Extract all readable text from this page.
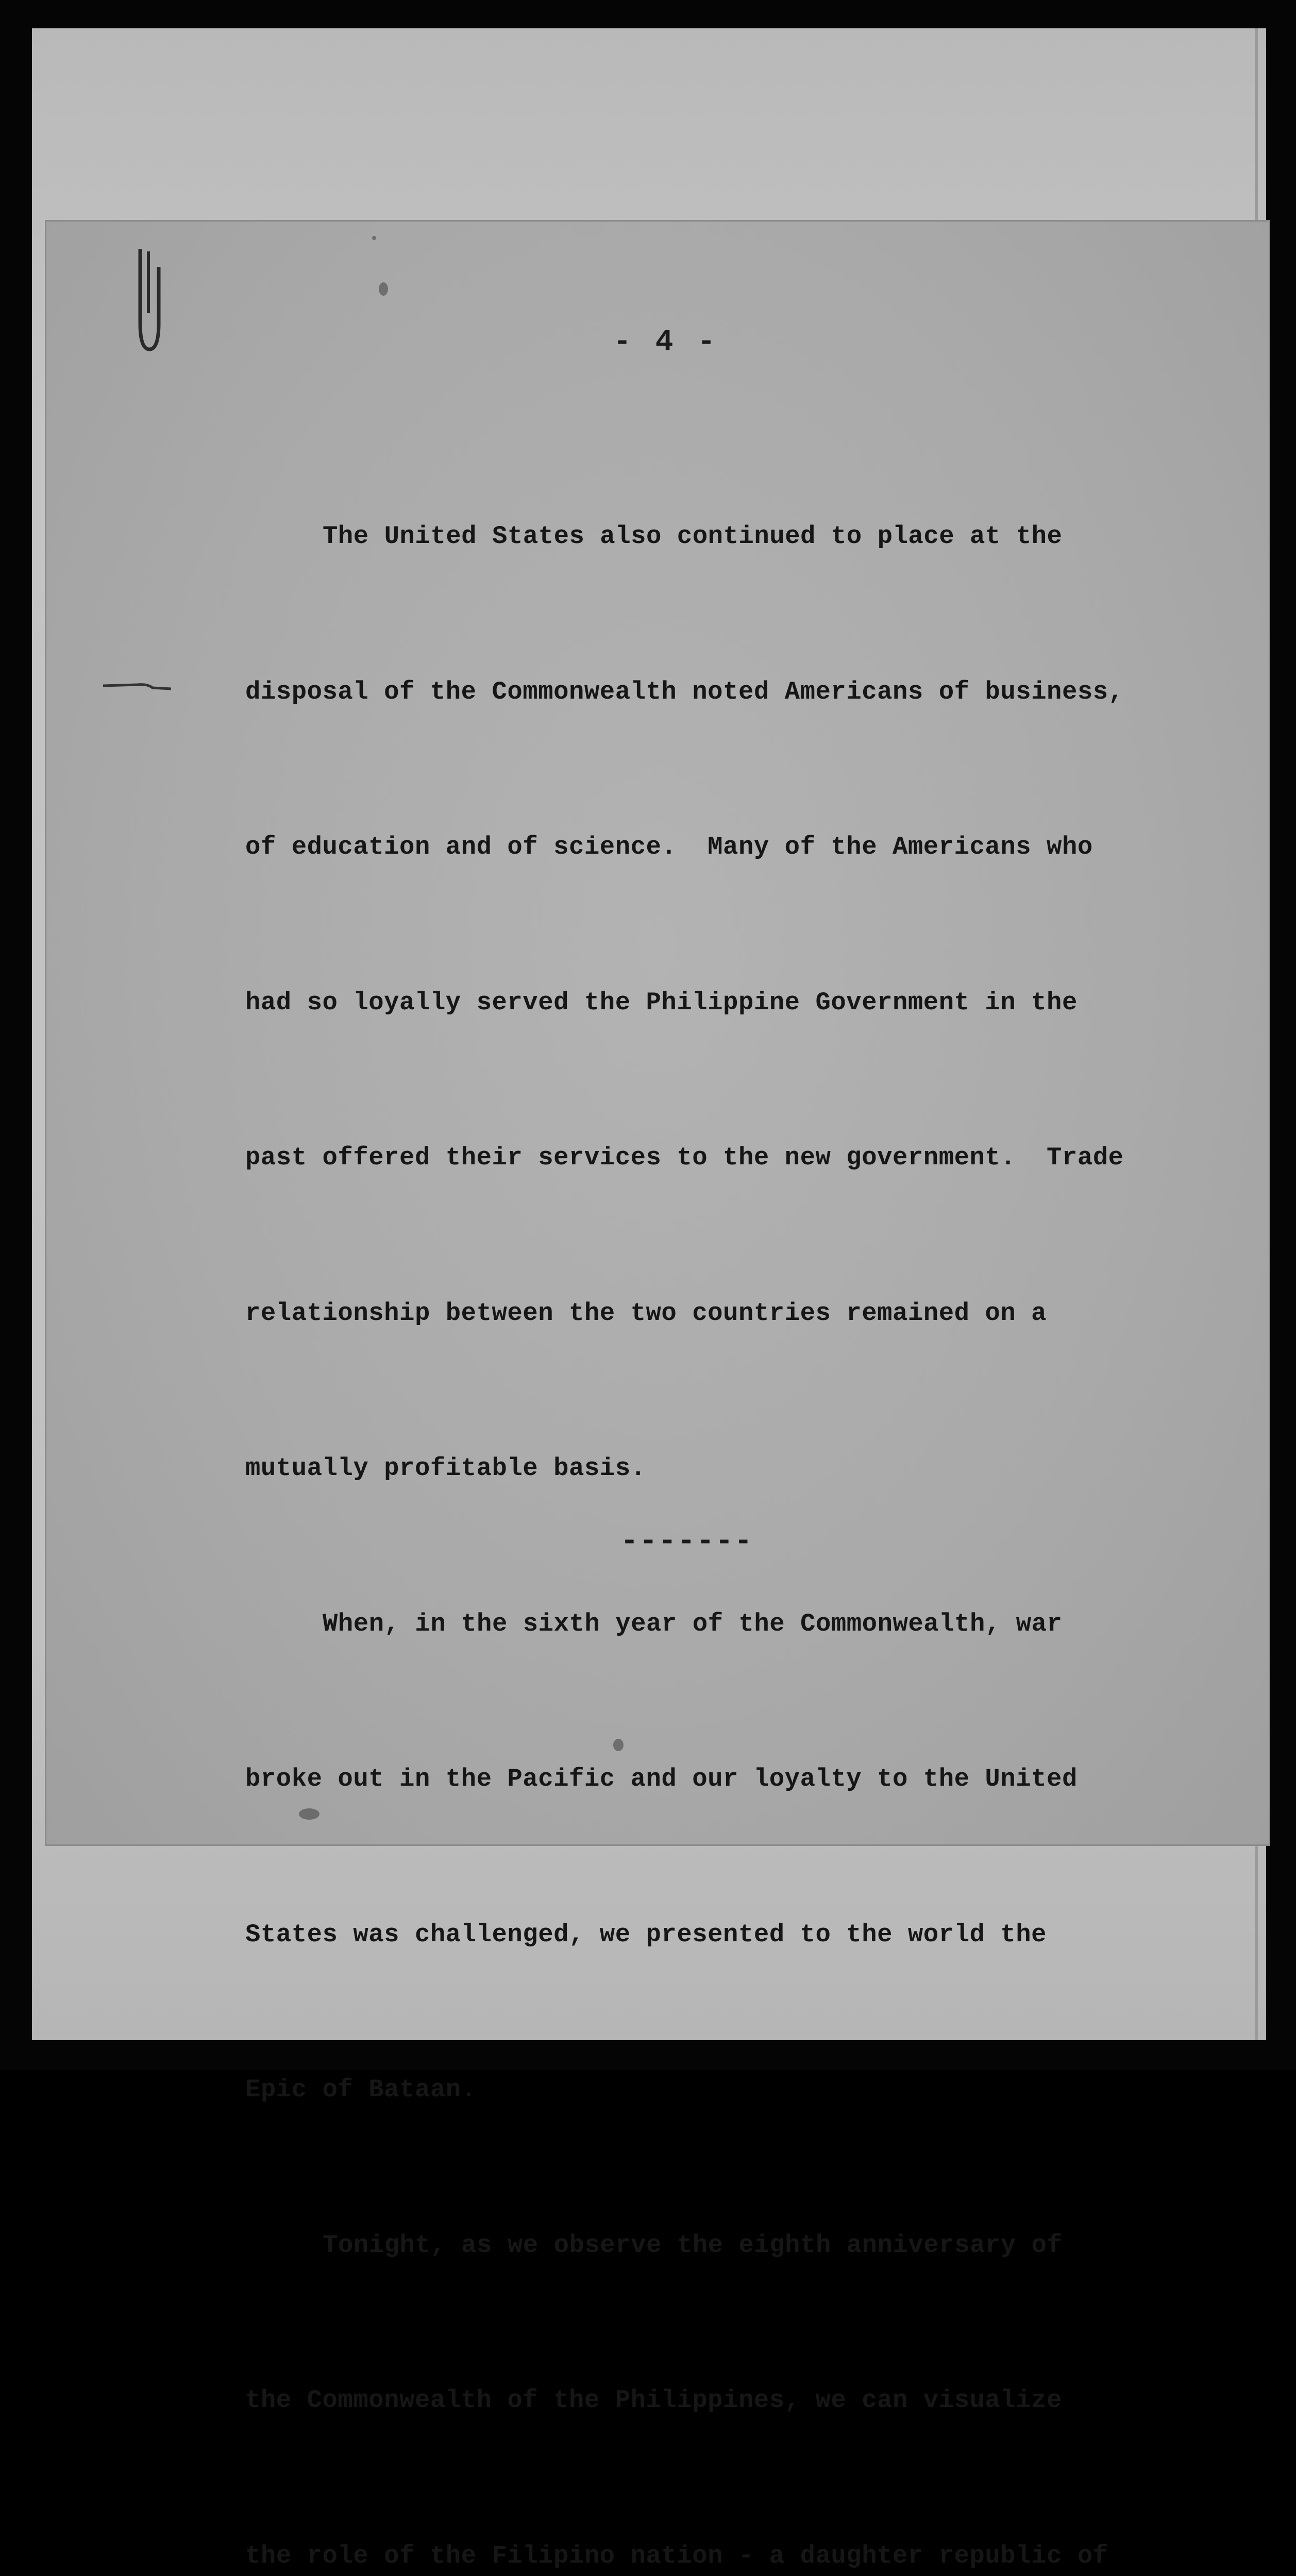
- 4 -

The United States also continued to place at the

disposal of the Commonwealth noted Americans of business,

of education and of science.  Many of the Americans who

had so loyally served the Philippine Government in the

past offered their services to the new government.  Trade

relationship between the two countries remained on a

mutually profitable basis.

When, in the sixth year of the Commonwealth, war

broke out in the Pacific and our loyalty to the United

States was challenged, we presented to the world the

Epic of Bataan.

Tonight, as we observe the eighth anniversary of

the Commonwealth of the Philippines, we can visualize

the role of the Filipino nation - a daughter republic of

-------
